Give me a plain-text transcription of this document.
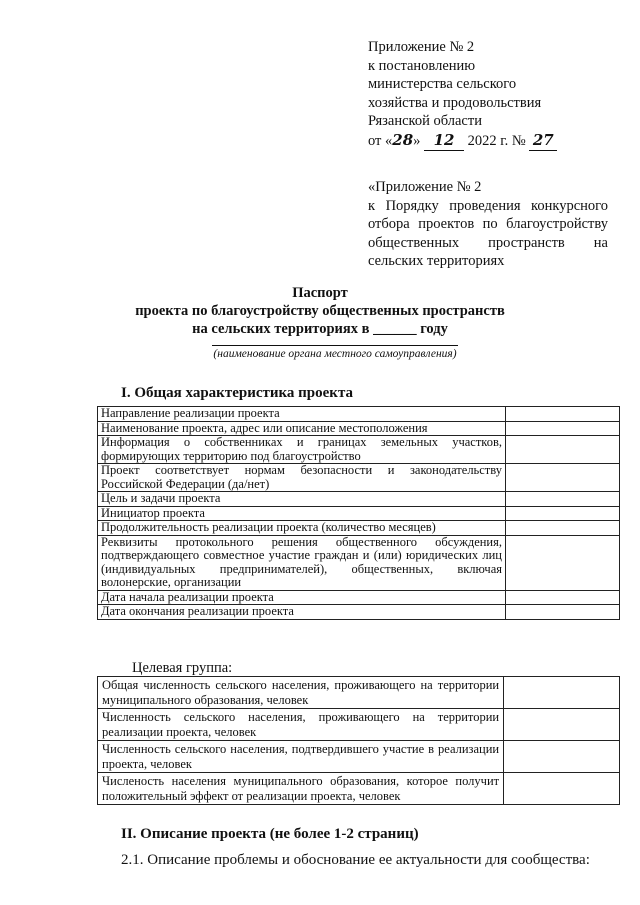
Приложение № 2
к постановлению
министерства сельского
хозяйства и продовольствия
Рязанской области
от «28» 12 2022 г. № 27
«Приложение № 2
к Порядку проведения конкурсного
отбора проектов по благоустройству
общественных пространств на
сельских территориях
Паспорт
проекта по благоустройству общественных пространств
на сельских территориях в ______ году
(наименование органа местного самоуправления)
I. Общая характеристика проекта
Направление реализации проекта	
Наименование проекта, адрес или описание местоположения	
Информация о собственниках и границах земельных участков, формирующих территорию под благоустройство	
Проект соответствует нормам безопасности и законодательству Российской Федерации (да/нет)	
Цель и задачи проекта	
Инициатор проекта	
Продолжительность реализации проекта (количество месяцев)	
Реквизиты протокольного решения общественного обсуждения, подтверждающего совместное участие граждан и (или) юридических лиц (индивидуальных предпринимателей), общественных, включая волонерские, организации	
Дата начала реализации проекта	
Дата окончания реализации проекта	
Целевая группа:
Общая численность сельского населения, проживающего на территории муниципального образования, человек	
Численность сельского населения, проживающего на территории реализации проекта, человек	
Численность сельского населения, подтвердившего участие в реализации проекта, человек	
Численость населения муниципального образования, которое получит положительный эффект от реализации проекта, человек	
II. Описание проекта (не более 1-2 страниц)
2.1. Описание проблемы и обоснование ее актуальности для сообщества:
